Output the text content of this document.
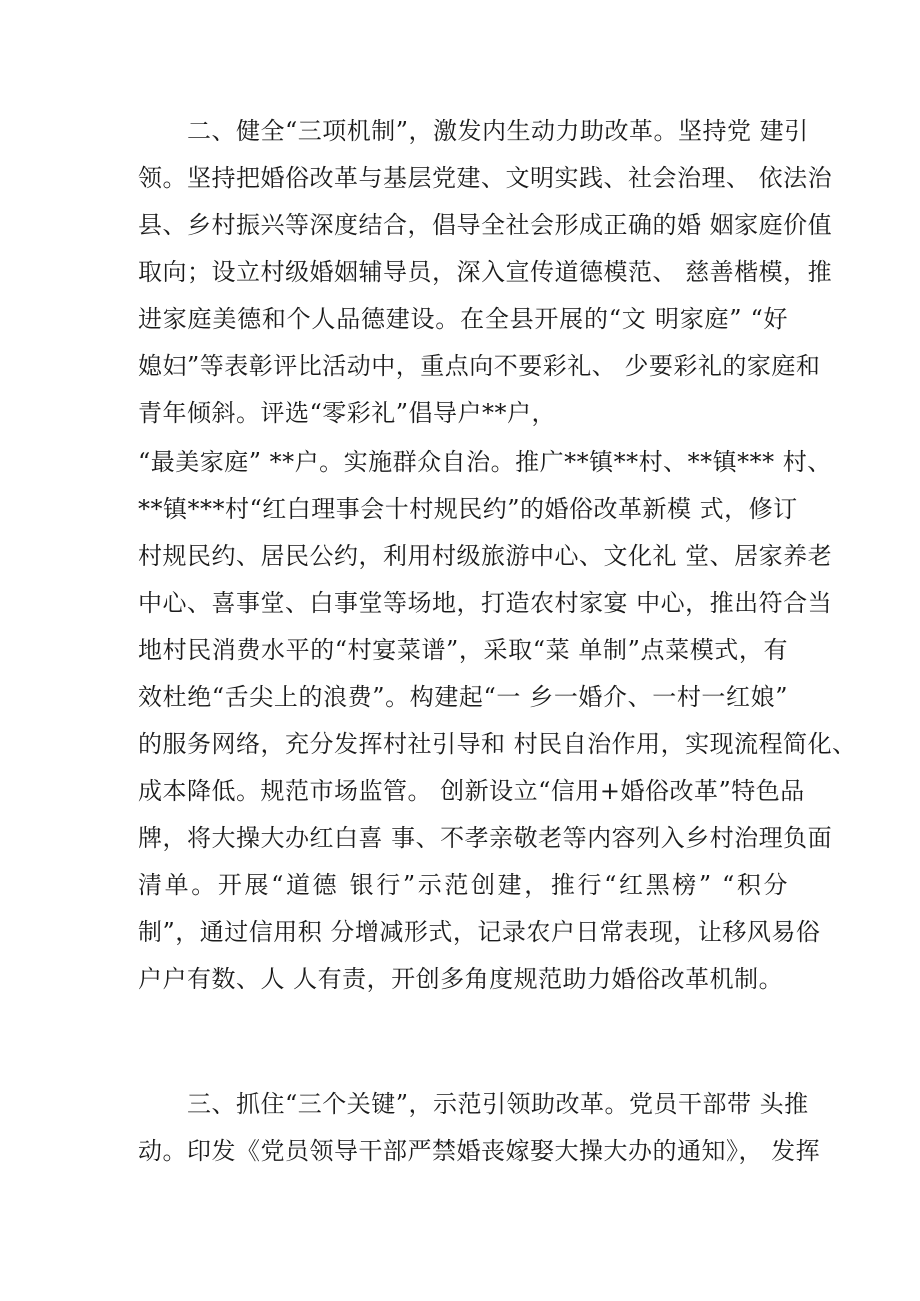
二、健全“三项机制”，激发内生动力助改革。坚持党 建引
领。坚持把婚俗改革与基层党建、文明实践、社会治理、 依法治
县、乡村振兴等深度结合，倡导全社会形成正确的婚 姻家庭价值
取向；设立村级婚姻辅导员，深入宣传道德模范、 慈善楷模，推
进家庭美德和个人品德建设。在全县开展的“文 明家庭” “好
媳妇”等表彰评比活动中，重点向不要彩礼、 少要彩礼的家庭和
青年倾斜。评选“零彩礼”倡导户**户，
“最美家庭” **户。实施群众自治。推广**镇**村、**镇*** 村、
**镇***村“红白理事会十村规民约”的婚俗改革新模 式，修订
村规民约、居民公约，利用村级旅游中心、文化礼 堂、居家养老
中心、喜事堂、白事堂等场地，打造农村家宴 中心，推出符合当
地村民消费水平的“村宴菜谱”，采取“菜 单制”点菜模式，有
效杜绝“舌尖上的浪费”。构建起“一 乡一婚介、一村一红娘”
的服务网络，充分发挥村社引导和 村民自治作用，实现流程简化、
成本降低。规范市场监管。 创新设立“信用+婚俗改革”特色品
牌，将大操大办红白喜 事、不孝亲敬老等内容列入乡村治理负面
清单。开展“道德 银行”示范创建，推行“红黑榜” “积分
制”，通过信用积 分增减形式，记录农户日常表现，让移风易俗
户户有数、人 人有责，开创多角度规范助力婚俗改革机制。
三、抓住“三个关键”，示范引领助改革。党员干部带 头推
动。印发《党员领导干部严禁婚丧嫁娶大操大办的通知》， 发挥
